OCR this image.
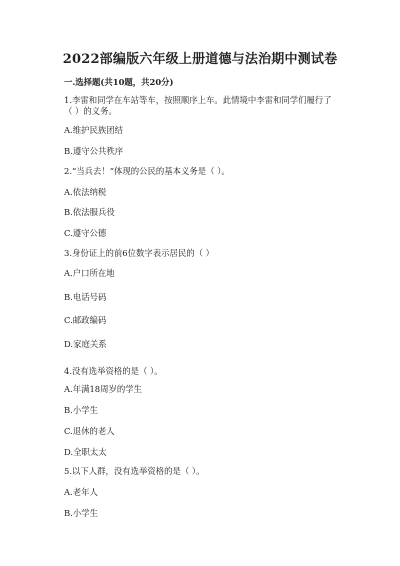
2022部编版六年级上册道德与法治期中测试卷
一.选择题(共10题，共20分)
1.李雷和同学在车站等车，按照顺序上车。此情境中李雷和同学们履行了
（ ）的义务。
A.维护民族团结
B.遵守公共秩序
2.“当兵去！”体现的公民的基本义务是（ ）。
A.依法纳税
B.依法服兵役
C.遵守公德
3.身份证上的前6位数字表示居民的（ ）
A.户口所在地
B.电话号码
C.邮政编码
D.家庭关系
4.没有选举资格的是（ ）。
A.年满18周岁的学生
B.小学生
C.退休的老人
D.全职太太
5.以下人群，没有选举资格的是（ ）。
A.老年人
B.小学生
